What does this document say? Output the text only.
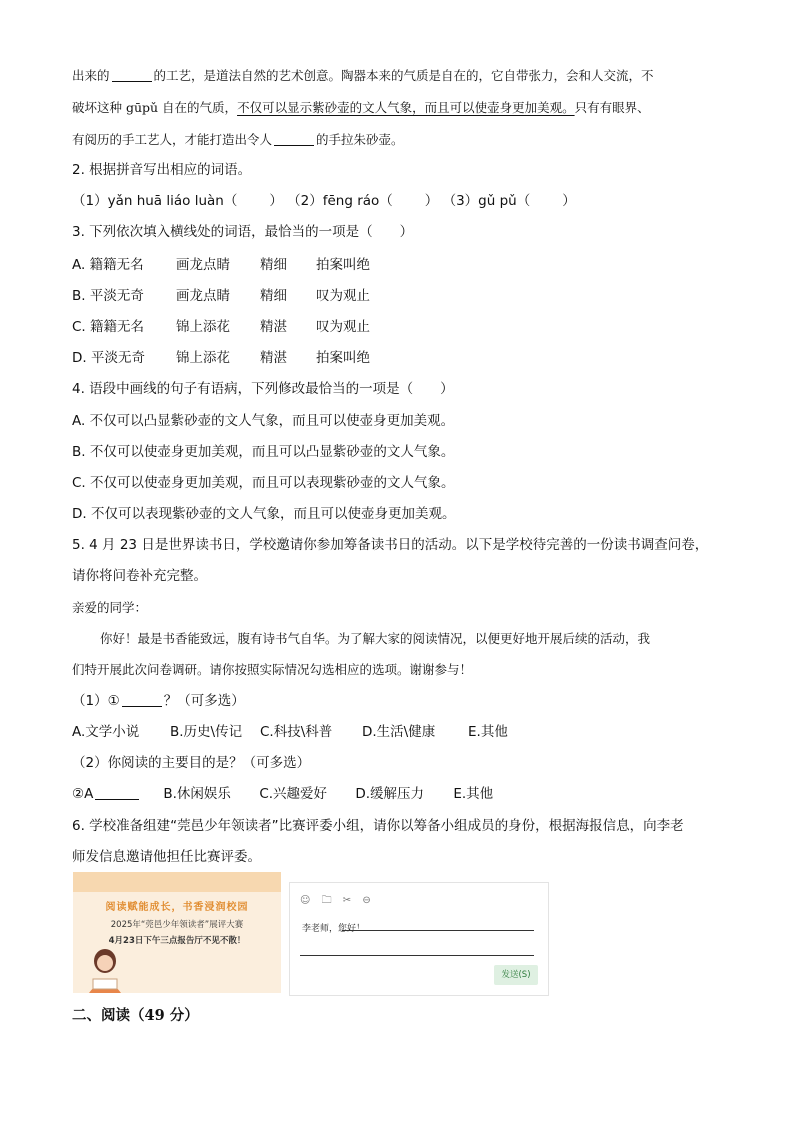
出来的	的工艺，是道法自然的艺术创意。陶器本来的气质是自在的，它自带张力，会和人交流，不
破坏这种 gūpǔ 自在的气质，不仅可以显示紫砂壶的文人气象，而且可以使壶身更加美观。只有有眼界、
有阅历的手工艺人，才能打造出令人	的手拉朱砂壶。
2. 根据拼音写出相应的词语。
（1）yǎn huā liáo luàn（ ） （2）fēng ráo（ ） （3）gǔ pǔ（ ）
3. 下列依次填入横线处的词语，最恰当的一项是（　　）
A. 籍籍无名 画龙点睛 精细 拍案叫绝
B. 平淡无奇 画龙点睛 精细 叹为观止
C. 籍籍无名 锦上添花 精湛 叹为观止
D. 平淡无奇 锦上添花 精湛 拍案叫绝
4. 语段中画线的句子有语病，下列修改最恰当的一项是（　　）
A. 不仅可以凸显紫砂壶的文人气象，而且可以使壶身更加美观。
B. 不仅可以使壶身更加美观，而且可以凸显紫砂壶的文人气象。
C. 不仅可以使壶身更加美观，而且可以表现紫砂壶的文人气象。
D. 不仅可以表现紫砂壶的文人气象，而且可以使壶身更加美观。
5. 4 月 23 日是世界读书日，学校邀请你参加筹备读书日的活动。以下是学校待完善的一份读书调查问卷，
请你将问卷补充完整。
亲爱的同学：
你好！最是书香能致远，腹有诗书气自华。为了解大家的阅读情况，以便更好地开展后续的活动，我
们特开展此次问卷调研。请你按照实际情况勾选相应的选项。谢谢参与！
（1）①	？（可多选）
A.文学小说 B.历史\传记 C.科技\科普 D.生活\健康 E.其他
（2）你阅读的主要目的是？（可多选）
②A	B.休闲娱乐 C.兴趣爱好 D.缓解压力 E.其他
6. 学校准备组建“莞邑少年领读者”比赛评委小组，请你以筹备小组成员的身份，根据海报信息，向李老
师发信息邀请他担任比赛评委。
阅读赋能成长，书香浸润校园
2025年“莞邑少年领读者”展评大赛
4月23日下午三点报告厅不见不散！
☺ 🗀 ✂ ⊖
李老师，您好！
发送(S)
二、阅读（49 分）
